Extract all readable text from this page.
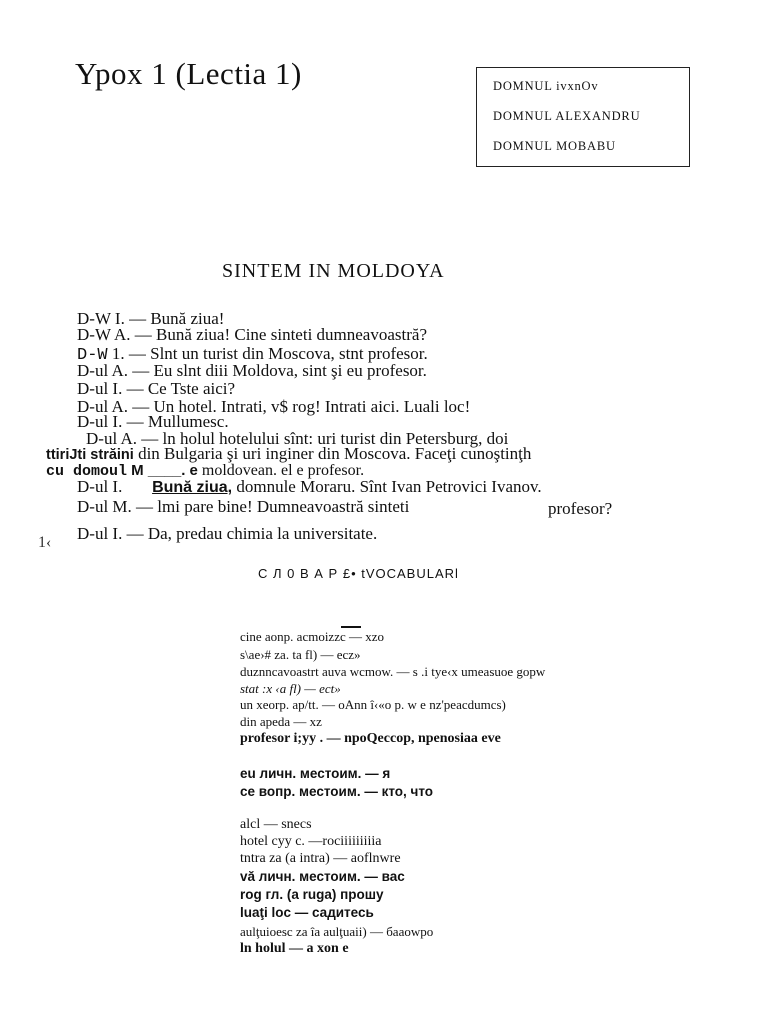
Ypox 1 (Lectia 1)	DOMNUL ivxnOv
DOMNUL ALEXANDRU
DOMNUL MOBABU
SINTEM IN MOLDOYA
D-W I. — Bună ziua!
D-W A. — Bună ziua! Cine sinteti dumneavoastră?
D-W 1. — Slnt un turist din Moscova, stnt profesor.
D-ul A. — Eu slnt diii Moldova, sint şi eu profesor.
D-ul I. — Ce Tste aici?
D-ul A. — Un hotel. Intrati, v$ rog! Intrati aici. Luali loc!
D-ul I. — Mullumesc.
D-ul A. — ln holul hotelului sînt: uri turist din Petersburg, doi
ttiriJti străini din Bulgaria şi uri inginer din Moscova. Faceţi cunoştinţh
cu domoul M ____. e moldovean. el e profesor.
D-ul I. Bună ziua, domnule Moraru. Sînt Ivan Petrovici Ivanov.
D-ul M. — lmi pare bine! Dumneavoastră sinteti	profesor?
D-ul I. — Da, predau chimia la universitate.
1‹
С Л 0 В А Р £• tVOCABULARl
cine aonp. acmoizzc — xzo
s\ae›# za. ta fl) — ecz»
duznncavoastrt auva wcmow. — s .i tye‹x umeasuoe gopw
stat :x ‹a fl) — ect»
un xeorp. ap/tt. — oAnn î‹«o p. w e nz'peacdumcs)
din apeda — xz
profesor i;yy . — npoQeccop, npenosiaa eve
eu личн. местоим. — я
ce вопр. местоим. — кто, что
alcl — snecs
hotel cyy c. —rociiiiiiiiia
tntra za (a intra) — aoflnwre
vă личн. местоим. — вас
rog гл. (a ruga) прошу
luaţi loc — садитесь
aulţuioesc za îa aulţuaii) — баaowpo
ln holul — a xon e
